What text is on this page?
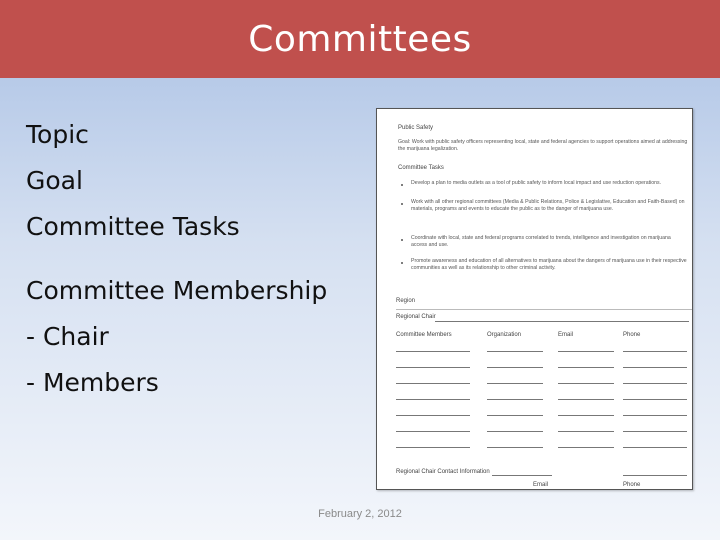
Committees
Topic
Goal
Committee Tasks
Committee Membership
- Chair
- Members
Public Safety
Goal: Work with public safety officers representing local, state and federal agencies to support operations aimed at addressing the marijuana legalization.
Committee Tasks
Develop a plan to media outlets as a tool of public safety to inform local impact and use reduction operations.
Work with all other regional committees (Media & Public Relations, Police & Legislative, Education and Faith-Based) on materials, programs and events to educate the public as to the danger of marijuana use.
Coordinate with local, state and federal programs correlated to trends, intelligence and investigation on marijuana access and use.
Promote awareness and education of all alternatives to marijuana about the dangers of marijuana use in their respective communities as well as its relationship to other criminal activity.
Region
Regional Chair
Committee Members	Organization	Email	Phone
Regional Chair Contact Information
Email	Phone
February 2, 2012
